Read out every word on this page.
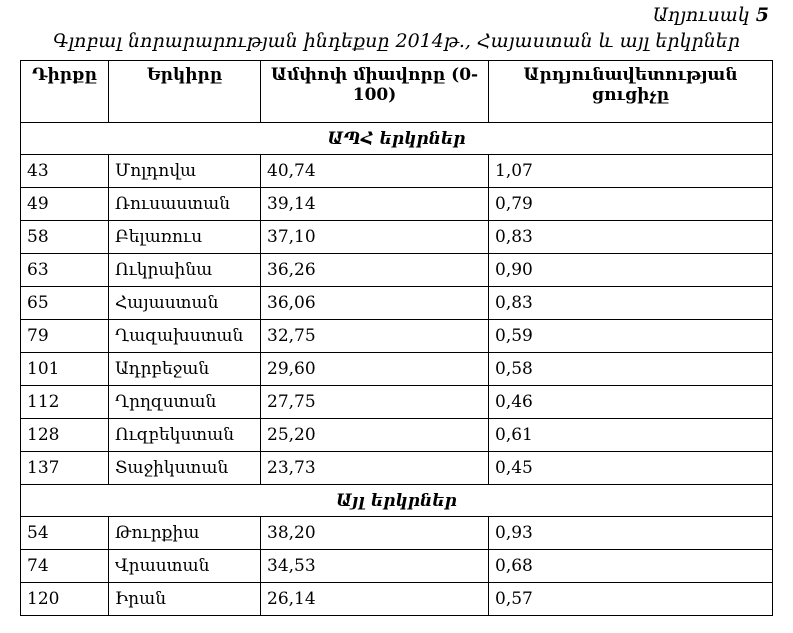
Աղյուսակ 5
Գլոբալ նորարարության ինդեքսը 2014թ., Հայաստան և այլ երկրներ
Դիրքը	Երկիրը	Ամփոփ միավորը (0-100)	Արդյունավետության ցուցիչը
ԱՊՀ երկրներ			
43	Մոլդովա	40,74	1,07
49	Ռուսաստան	39,14	0,79
58	Բելառուս	37,10	0,83
63	Ուկրաինա	36,26	0,90
65	Հայաստան	36,06	0,83
79	Ղազախստան	32,75	0,59
101	Ադրբեջան	29,60	0,58
112	Ղրղզստան	27,75	0,46
128	Ուզբեկստան	25,20	0,61
137	Տաջիկստան	23,73	0,45
Այլ երկրներ			
54	Թուրքիա	38,20	0,93
74	Վրաստան	34,53	0,68
120	Իրան	26,14	0,57
